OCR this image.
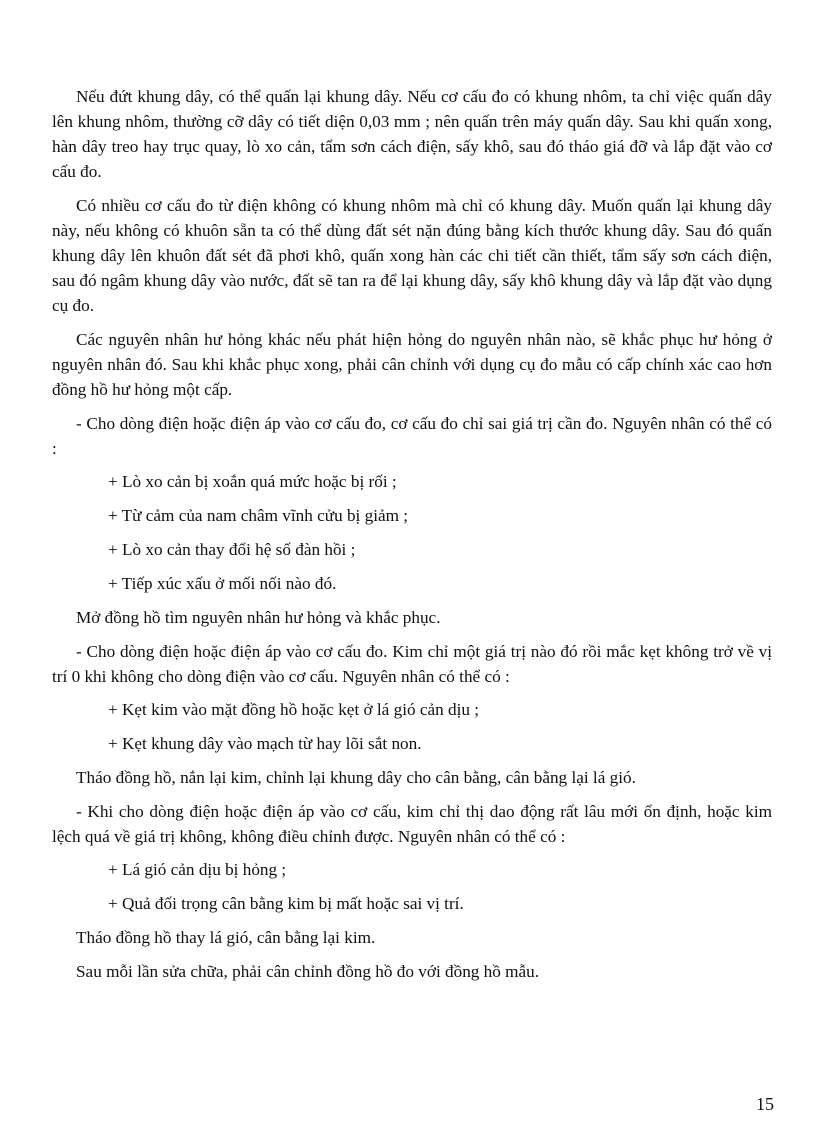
Nếu đứt khung dây, có thể quấn lại khung dây. Nếu cơ cấu đo có khung nhôm, ta chỉ việc quấn dây lên khung nhôm, thường cỡ dây có tiết diện 0,03 mm ; nên quấn trên máy quấn dây. Sau khi quấn xong, hàn dây treo hay trục quay, lò xo cản, tẩm sơn cách điện, sấy khô, sau đó tháo giá đỡ và lắp đặt vào cơ cấu đo.

Có nhiều cơ cấu đo từ điện không có khung nhôm mà chỉ có khung dây. Muốn quấn lại khung dây này, nếu không có khuôn sẵn ta có thể dùng đất sét nặn đúng bằng kích thước khung dây. Sau đó quấn khung dây lên khuôn đất sét đã phơi khô, quấn xong hàn các chi tiết cần thiết, tẩm sấy sơn cách điện, sau đó ngâm khung dây vào nước, đất sẽ tan ra để lại khung dây, sấy khô khung dây và lắp đặt vào dụng cụ đo.

Các nguyên nhân hư hỏng khác nếu phát hiện hỏng do nguyên nhân nào, sẽ khắc phục hư hỏng ở nguyên nhân đó. Sau khi khắc phục xong, phải cân chỉnh với dụng cụ đo mẫu có cấp chính xác cao hơn đồng hồ hư hỏng một cấp.

- Cho dòng điện hoặc điện áp vào cơ cấu đo, cơ cấu đo chỉ sai giá trị cần đo. Nguyên nhân có thể có :

+ Lò xo cản bị xoắn quá mức hoặc bị rối ;

+ Từ cảm của nam châm vĩnh cửu bị giảm ;

+ Lò xo cản thay đổi hệ số đàn hồi ;

+ Tiếp xúc xấu ở mối nối nào đó.

Mở đồng hồ tìm nguyên nhân hư hỏng và khắc phục.

- Cho dòng điện hoặc điện áp vào cơ cấu đo. Kim chỉ một giá trị nào đó rồi mắc kẹt không trở về vị trí 0 khi không cho dòng điện vào cơ cấu. Nguyên nhân có thể có :

+ Kẹt kim vào mặt đồng hồ hoặc kẹt ở lá gió cản dịu ;

+ Kẹt khung dây vào mạch từ hay lõi sắt non.

Tháo đồng hồ, nắn lại kim, chỉnh lại khung dây cho cân bằng, cân bằng lại lá gió.

- Khi cho dòng điện hoặc điện áp vào cơ cấu, kim chỉ thị dao động rất lâu mới ổn định, hoặc kim lệch quá về giá trị không, không điều chỉnh được. Nguyên nhân có thể có :

+ Lá gió cản dịu bị hỏng ;

+ Quả đối trọng cân bằng kim bị mất hoặc sai vị trí.

Tháo đồng hồ thay lá gió, cân bằng lại kim.

Sau mỗi lần sửa chữa, phải cân chỉnh đồng hồ đo với đồng hồ mẫu.

15
